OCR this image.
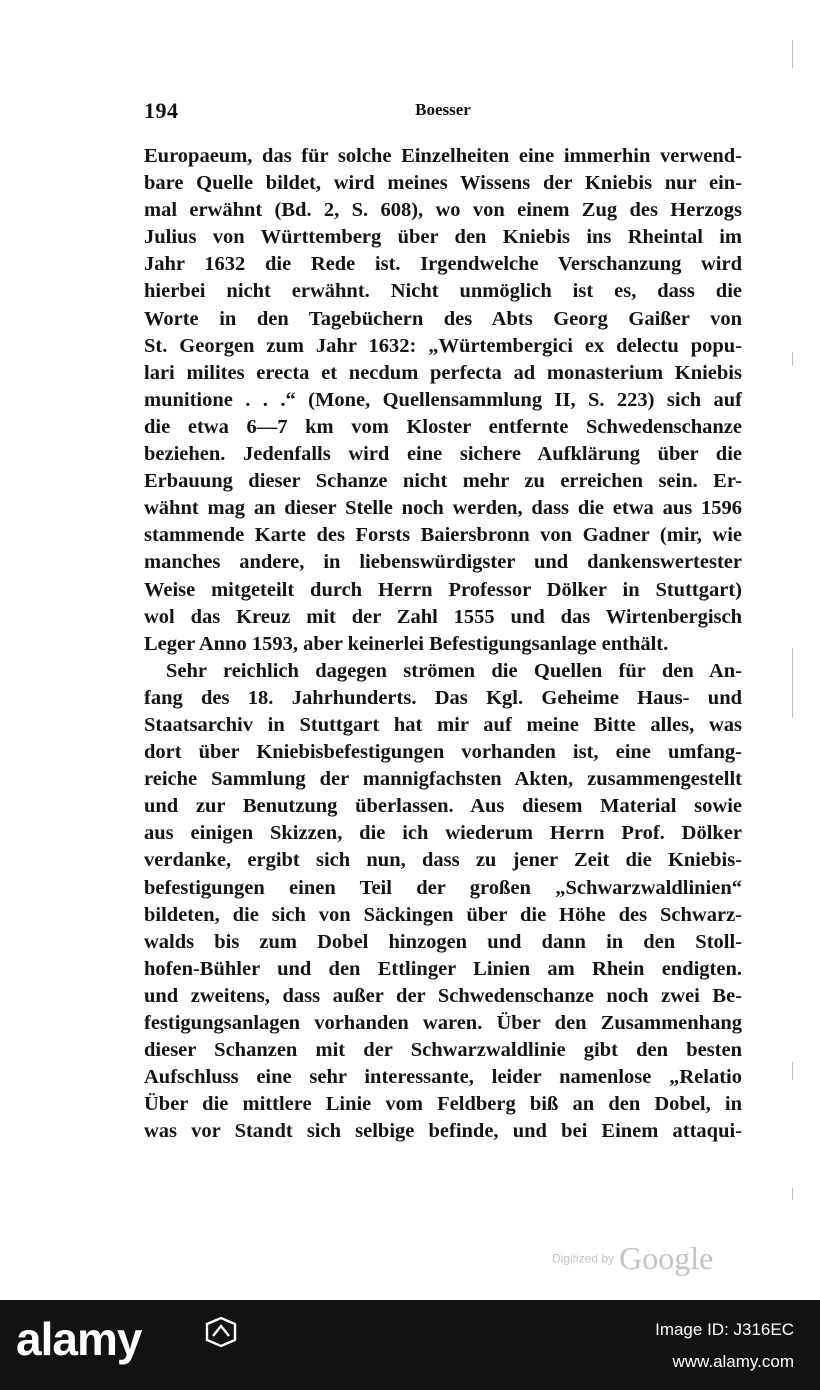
194	Boesser
Europaeum, das für solche Einzelheiten eine immerhin verwend-
bare Quelle bildet, wird meines Wissens der Kniebis nur ein-
mal erwähnt (Bd. 2, S. 608), wo von einem Zug des Herzogs
Julius von Württemberg über den Kniebis ins Rheintal im
Jahr 1632 die Rede ist. Irgendwelche Verschanzung wird
hierbei nicht erwähnt. Nicht unmöglich ist es, dass die
Worte in den Tagebüchern des Abts Georg Gaißer von
St. Georgen zum Jahr 1632: „Würtembergici ex delectu popu-
lari milites erecta et necdum perfecta ad monasterium Kniebis
munitione . . .“ (Mone, Quellensammlung II, S. 223) sich auf
die etwa 6—7 km vom Kloster entfernte Schwedenschanze
beziehen. Jedenfalls wird eine sichere Aufklärung über die
Erbauung dieser Schanze nicht mehr zu erreichen sein. Er-
wähnt mag an dieser Stelle noch werden, dass die etwa aus 1596
stammende Karte des Forsts Baiersbronn von Gadner (mir, wie
manches andere, in liebenswürdigster und dankenswertester
Weise mitgeteilt durch Herrn Professor Dölker in Stuttgart)
wol das Kreuz mit der Zahl 1555 und das Wirtenbergisch
Leger Anno 1593, aber keinerlei Befestigungsanlage enthält.
Sehr reichlich dagegen strömen die Quellen für den An-
fang des 18. Jahrhunderts. Das Kgl. Geheime Haus- und
Staatsarchiv in Stuttgart hat mir auf meine Bitte alles, was
dort über Kniebisbefestigungen vorhanden ist, eine umfang-
reiche Sammlung der mannigfachsten Akten, zusammengestellt
und zur Benutzung überlassen. Aus diesem Material sowie
aus einigen Skizzen, die ich wiederum Herrn Prof. Dölker
verdanke, ergibt sich nun, dass zu jener Zeit die Kniebis-
befestigungen einen Teil der großen „Schwarzwaldlinien“
bildeten, die sich von Säckingen über die Höhe des Schwarz-
walds bis zum Dobel hinzogen und dann in den Stoll-
hofen-Bühler und den Ettlinger Linien am Rhein endigten.
und zweitens, dass außer der Schwedenschanze noch zwei Be-
festigungsanlagen vorhanden waren. Über den Zusammenhang
dieser Schanzen mit der Schwarzwaldlinie gibt den besten
Aufschluss eine sehr interessante, leider namenlose „Relatio
Über die mittlere Linie vom Feldberg biß an den Dobel, in
was vor Standt sich selbige befinde, und bei Einem attaqui-
Digitized by Google
alamy	Image ID: J316EC
www.alamy.com
